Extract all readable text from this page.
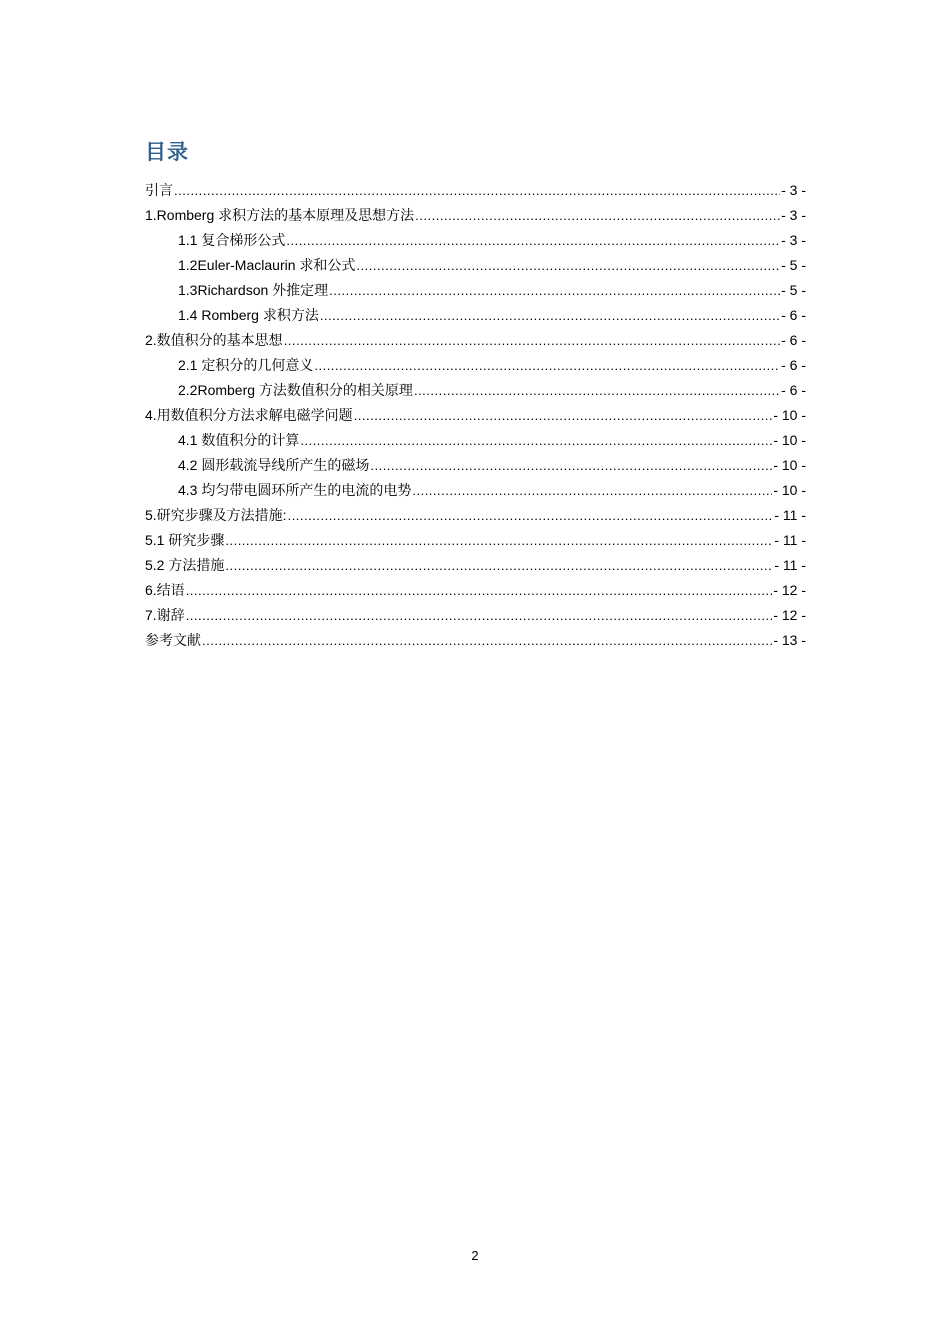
目录
引言 .....	- 3 -
1.Romberg 求积方法的基本原理及思想方法 .....	- 3 -
1.1 复合梯形公式 .....	- 3 -
1.2Euler-Maclaurin 求和公式 .....	- 5 -
1.3Richardson 外推定理 .....	- 5 -
1.4 Romberg 求积方法 .....	- 6 -
2.数值积分的基本思想 .....	- 6 -
2.1 定积分的几何意义 .....	- 6 -
2.2Romberg 方法数值积分的相关原理 .....	- 6 -
4.用数值积分方法求解电磁学问题 .....	- 10 -
4.1 数值积分的计算 .....	- 10 -
4.2 圆形载流导线所产生的磁场 .....	- 10 -
4.3 均匀带电圆环所产生的电流的电势 .....	- 10 -
5.研究步骤及方法措施: .....	- 11 -
5.1 研究步骤 .....	- 11 -
5.2 方法措施 .....	- 11 -
6.结语 .....	- 12 -
7.谢辞 .....	- 12 -
参考文献 .....	- 13 -
2
